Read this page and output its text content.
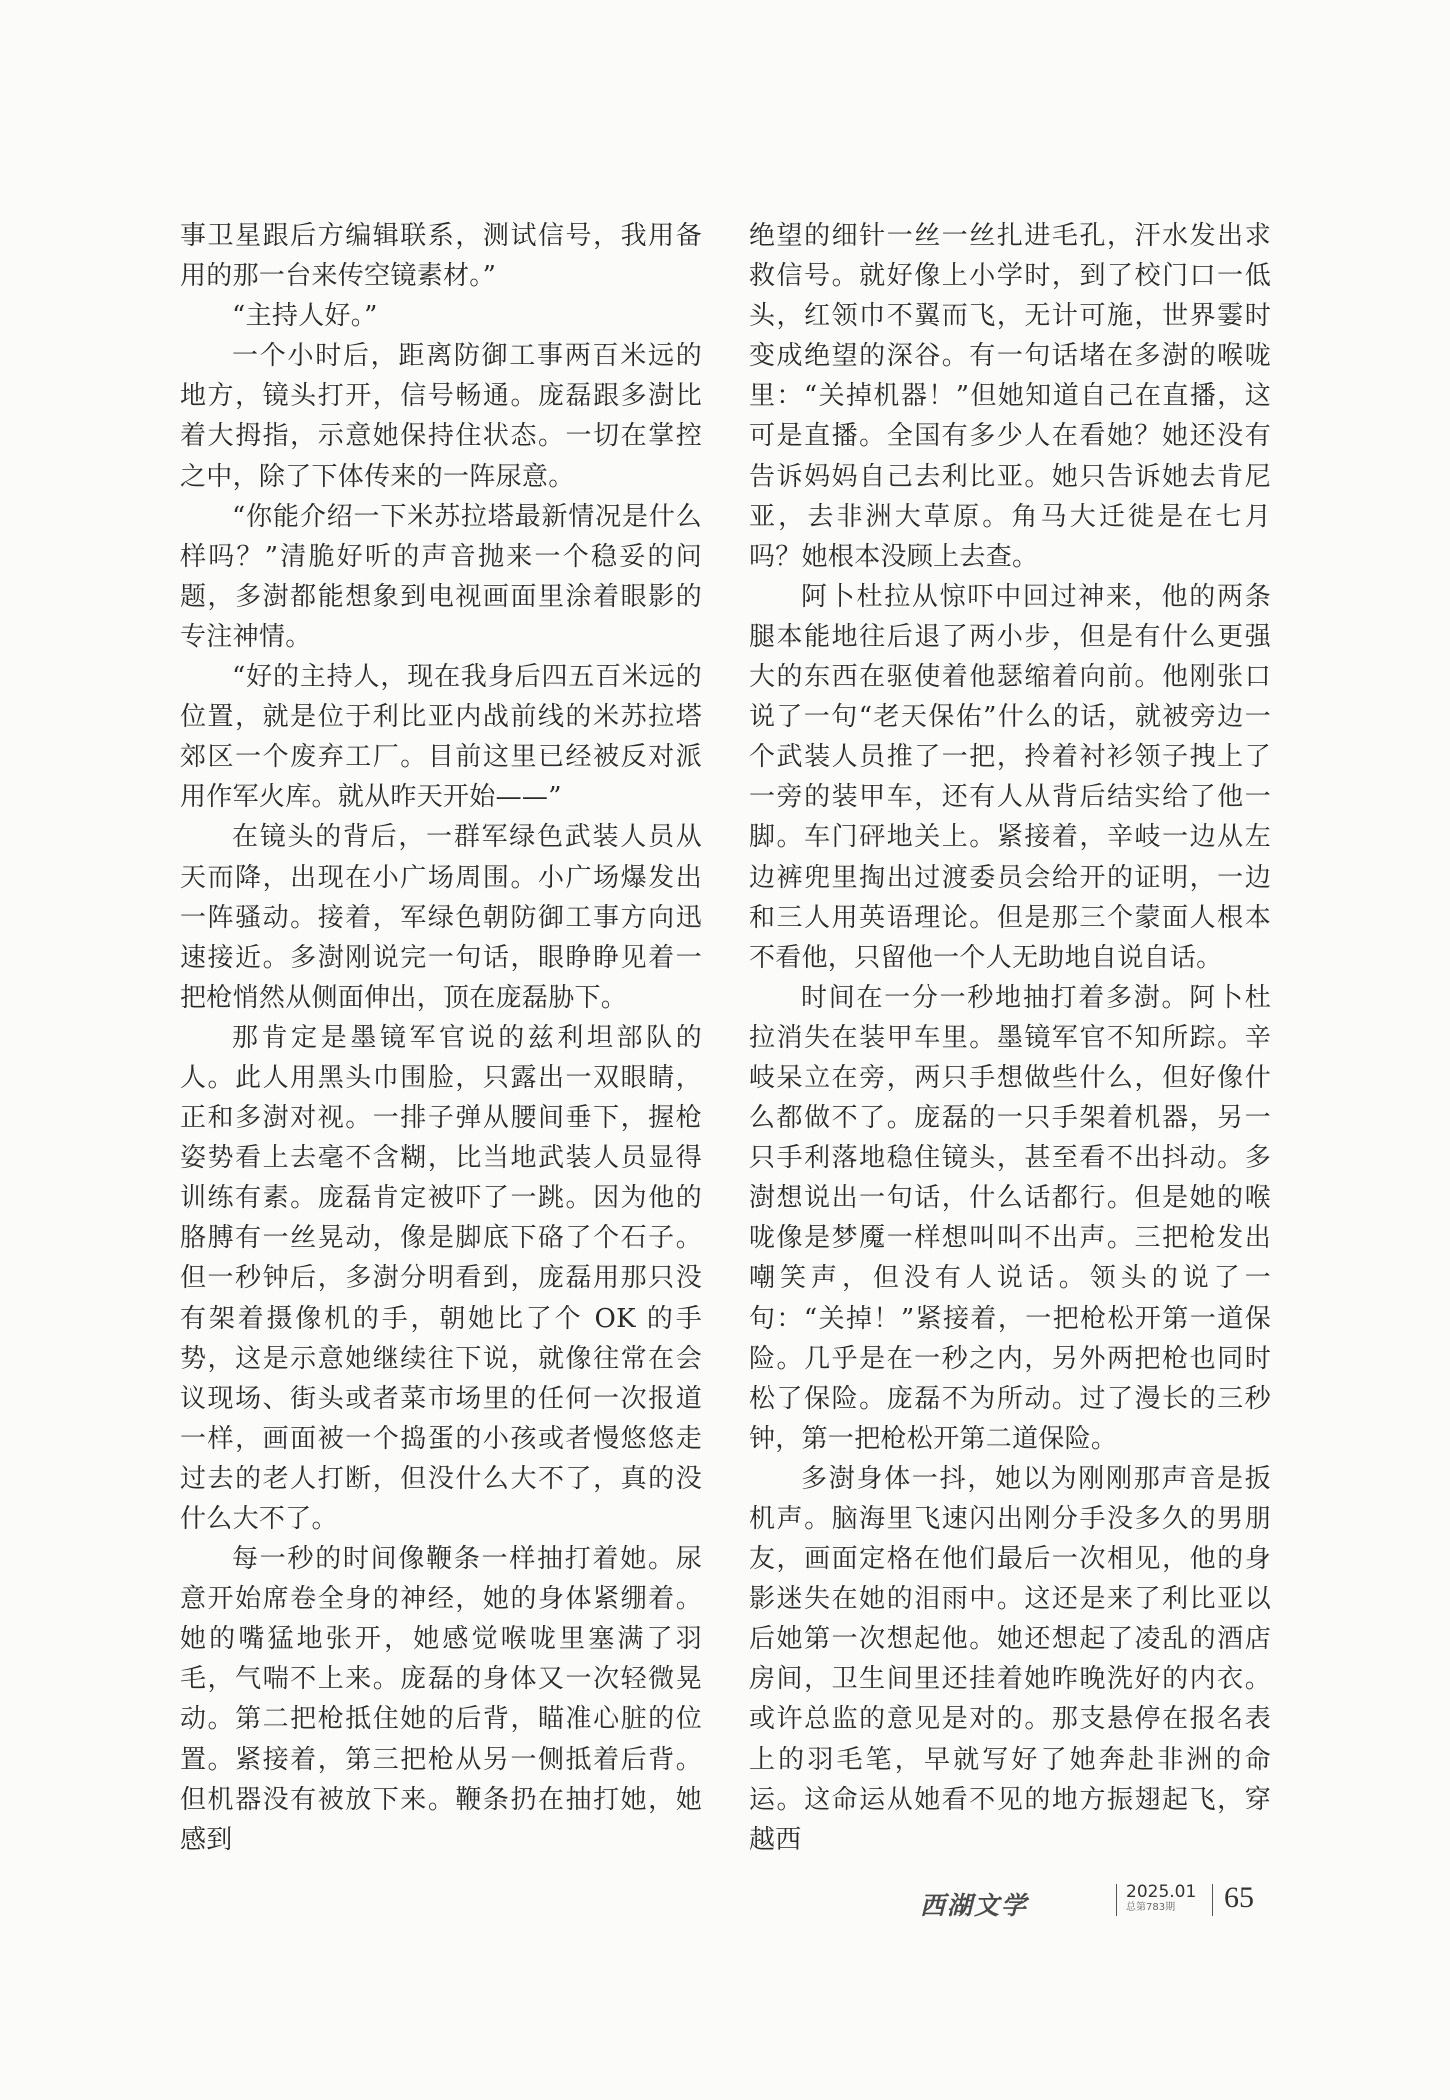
事卫星跟后方编辑联系，测试信号，我用备用的那一台来传空镜素材。”

“主持人好。”

一个小时后，距离防御工事两百米远的地方，镜头打开，信号畅通。庞磊跟多澍比着大拇指，示意她保持住状态。一切在掌控之中，除了下体传来的一阵尿意。

“你能介绍一下米苏拉塔最新情况是什么样吗？”清脆好听的声音抛来一个稳妥的问题，多澍都能想象到电视画面里涂着眼影的专注神情。

“好的主持人，现在我身后四五百米远的位置，就是位于利比亚内战前线的米苏拉塔郊区一个废弃工厂。目前这里已经被反对派用作军火库。就从昨天开始——”

在镜头的背后，一群军绿色武装人员从天而降，出现在小广场周围。小广场爆发出一阵骚动。接着，军绿色朝防御工事方向迅速接近。多澍刚说完一句话，眼睁睁见着一把枪悄然从侧面伸出，顶在庞磊胁下。

那肯定是墨镜军官说的兹利坦部队的人。此人用黑头巾围脸，只露出一双眼睛，正和多澍对视。一排子弹从腰间垂下，握枪姿势看上去毫不含糊，比当地武装人员显得训练有素。庞磊肯定被吓了一跳。因为他的胳膊有一丝晃动，像是脚底下硌了个石子。但一秒钟后，多澍分明看到，庞磊用那只没有架着摄像机的手，朝她比了个 OK 的手势，这是示意她继续往下说，就像往常在会议现场、街头或者菜市场里的任何一次报道一样，画面被一个捣蛋的小孩或者慢悠悠走过去的老人打断，但没什么大不了，真的没什么大不了。

每一秒的时间像鞭条一样抽打着她。尿意开始席卷全身的神经，她的身体紧绷着。她的嘴猛地张开，她感觉喉咙里塞满了羽毛，气喘不上来。庞磊的身体又一次轻微晃动。第二把枪抵住她的后背，瞄准心脏的位置。紧接着，第三把枪从另一侧抵着后背。但机器没有被放下来。鞭条扔在抽打她，她感到

绝望的细针一丝一丝扎进毛孔，汗水发出求救信号。就好像上小学时，到了校门口一低头，红领巾不翼而飞，无计可施，世界霎时变成绝望的深谷。有一句话堵在多澍的喉咙里：“关掉机器！”但她知道自己在直播，这可是直播。全国有多少人在看她？她还没有告诉妈妈自己去利比亚。她只告诉她去肯尼亚，去非洲大草原。角马大迁徙是在七月吗？她根本没顾上去查。

阿卜杜拉从惊吓中回过神来，他的两条腿本能地往后退了两小步，但是有什么更强大的东西在驱使着他瑟缩着向前。他刚张口说了一句“老天保佑”什么的话，就被旁边一个武装人员推了一把，拎着衬衫领子拽上了一旁的装甲车，还有人从背后结实给了他一脚。车门砰地关上。紧接着，辛岐一边从左边裤兜里掏出过渡委员会给开的证明，一边和三人用英语理论。但是那三个蒙面人根本不看他，只留他一个人无助地自说自话。

时间在一分一秒地抽打着多澍。阿卜杜拉消失在装甲车里。墨镜军官不知所踪。辛岐呆立在旁，两只手想做些什么，但好像什么都做不了。庞磊的一只手架着机器，另一只手利落地稳住镜头，甚至看不出抖动。多澍想说出一句话，什么话都行。但是她的喉咙像是梦魇一样想叫叫不出声。三把枪发出嘲笑声，但没有人说话。领头的说了一句：“关掉！”紧接着，一把枪松开第一道保险。几乎是在一秒之内，另外两把枪也同时松了保险。庞磊不为所动。过了漫长的三秒钟，第一把枪松开第二道保险。

多澍身体一抖，她以为刚刚那声音是扳机声。脑海里飞速闪出刚分手没多久的男朋友，画面定格在他们最后一次相见，他的身影迷失在她的泪雨中。这还是来了利比亚以后她第一次想起他。她还想起了凌乱的酒店房间，卫生间里还挂着她昨晚洗好的内衣。或许总监的意见是对的。那支悬停在报名表上的羽毛笔，早就写好了她奔赴非洲的命运。这命运从她看不见的地方振翅起飞，穿越西

西湖文学	2025.01
总第783期	65
